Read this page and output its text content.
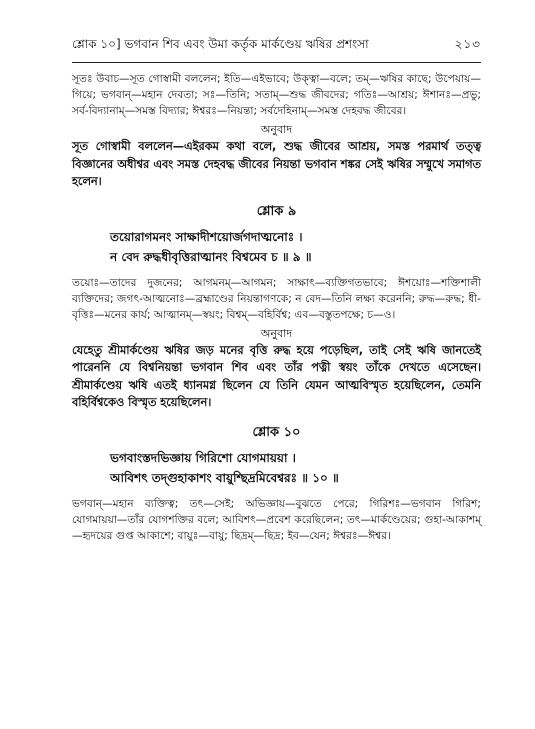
শ্লোক ১০] ভগবান শিব এবং উমা কর্তৃক মার্কণ্ডেয় ঋষির প্রশংসা	২১৩

সূতঃ উবাচ—সূত গোস্বামী বললেন; ইতি—এইভাবে; উক্ত্বা—বলে; তম্—ঋষির কাছে; উপেয়ায়—গিয়ে; ভগবান্—মহান দেবতা; সঃ—তিনি; সতাম্—শুদ্ধ জীবদের; গতিঃ—আশ্রয়; ঈশানঃ—প্রভু; সর্ব-বিদ্যানাম্—সমস্ত বিদ্যার; ঈশ্বরঃ—নিয়ন্তা; সর্বদেহিনাম্—সমস্ত দেহবদ্ধ জীবের।

অনুবাদ

সূত গোস্বামী বললেন—এইরকম কথা বলে, শুদ্ধ জীবের আশ্রয়, সমস্ত পরমার্থ তত্ত্ব বিজ্ঞানের অধীশ্বর এবং সমস্ত দেহবদ্ধ জীবের নিয়ন্তা ভগবান শঙ্কর সেই ঋষির সম্মুখে সমাগত হলেন।

শ্লোক ৯

তয়োরাগমনং সাক্ষাদীশয়োর্জগদাত্মনোঃ ।

ন বেদ রুদ্ধধীবৃত্তিরাত্মানং বিশ্বমেব চ ॥ ৯ ॥

তয়োঃ—তাদের দুজনের; আগমনম্—আগমন; সাক্ষাৎ—ব্যক্তিগতভাবে; ঈশয়োঃ—শক্তিশালী ব্যক্তিদের; জগৎ-আত্মনোঃ—ব্রহ্মাণ্ডের নিয়ন্তাগণকে; ন বেদ—তিনি লক্ষ্য করেননি; রুদ্ধ—রুদ্ধ; ধী-বৃত্তিঃ—মনের কার্য; আত্মানম্—স্বয়ং; বিশ্বম্—বহির্বিশ্ব; এব—বস্তুতপক্ষে; চ—ও।

অনুবাদ

যেহেতু শ্রীমার্কণ্ডেয় ঋষির জড় মনের বৃত্তি রুদ্ধ হয়ে পড়েছিল, তাই সেই ঋষি জানতেই পারেননি যে বিশ্বনিয়ন্তা ভগবান শিব এবং তাঁর পত্নী স্বয়ং তাঁকে দেখতে এসেছেন। শ্রীমার্কণ্ডেয় ঋষি এতই ধ্যানমগ্ন ছিলেন যে তিনি যেমন আত্মবিস্মৃত হয়েছিলেন, তেমনি বহির্বিশ্বকেও বিস্মৃত হয়েছিলেন।

শ্লোক ১০

ভগবাংস্তদভিজ্ঞায় গিরিশো যোগমায়য়া ।

আবিশৎ তদ্গুহাকাশং বায়ুশ্ছিদ্রমিবেশ্বরঃ ॥ ১০ ॥

ভগবান্—মহান ব্যক্তিত্ব; তৎ—সেই; অভিজ্ঞায়—বুঝতে পেরে; গিরিশঃ—ভগবান গিরিশ; যোগমায়য়া—তাঁর যোগশক্তির বলে; আবিশৎ—প্রবেশ করেছিলেন; তৎ—মার্কণ্ডেয়ের; গুহা-আকাশম্—হৃদয়ের গুপ্ত আকাশে; বায়ুঃ—বায়ু; ছিদ্রম্—ছিদ্র; ইব—যেন; ঈশ্বরঃ—ঈশ্বর।
